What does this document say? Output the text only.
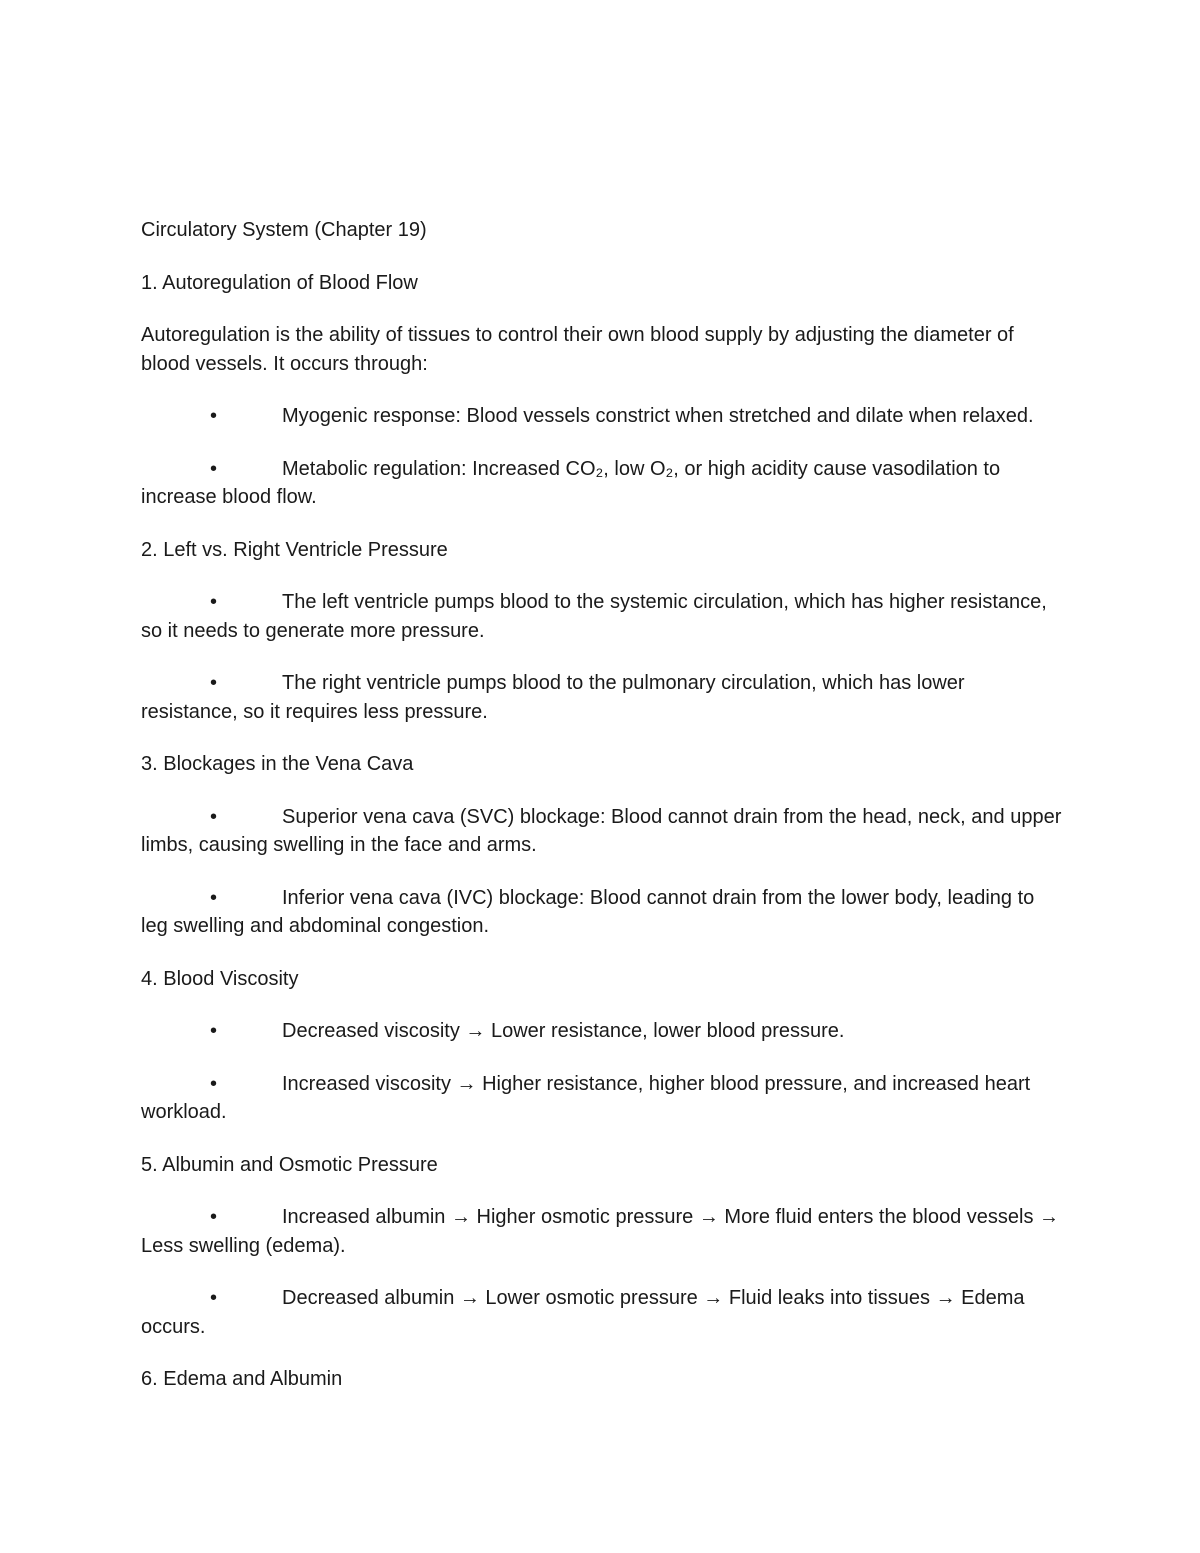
Circulatory System (Chapter 19)

1. Autoregulation of Blood Flow

Autoregulation is the ability of tissues to control their own blood supply by adjusting the diameter of blood vessels. It occurs through:

•	Myogenic response: Blood vessels constrict when stretched and dilate when relaxed.

•	Metabolic regulation: Increased CO₂, low O₂, or high acidity cause vasodilation to increase blood flow.

2. Left vs. Right Ventricle Pressure

•	The left ventricle pumps blood to the systemic circulation, which has higher resistance, so it needs to generate more pressure.

•	The right ventricle pumps blood to the pulmonary circulation, which has lower resistance, so it requires less pressure.

3. Blockages in the Vena Cava

•	Superior vena cava (SVC) blockage: Blood cannot drain from the head, neck, and upper limbs, causing swelling in the face and arms.

•	Inferior vena cava (IVC) blockage: Blood cannot drain from the lower body, leading to leg swelling and abdominal congestion.

4. Blood Viscosity

•	Decreased viscosity → Lower resistance, lower blood pressure.

•	Increased viscosity → Higher resistance, higher blood pressure, and increased heart workload.

5. Albumin and Osmotic Pressure

•	Increased albumin → Higher osmotic pressure → More fluid enters the blood vessels → Less swelling (edema).

•	Decreased albumin → Lower osmotic pressure → Fluid leaks into tissues → Edema occurs.

6. Edema and Albumin
